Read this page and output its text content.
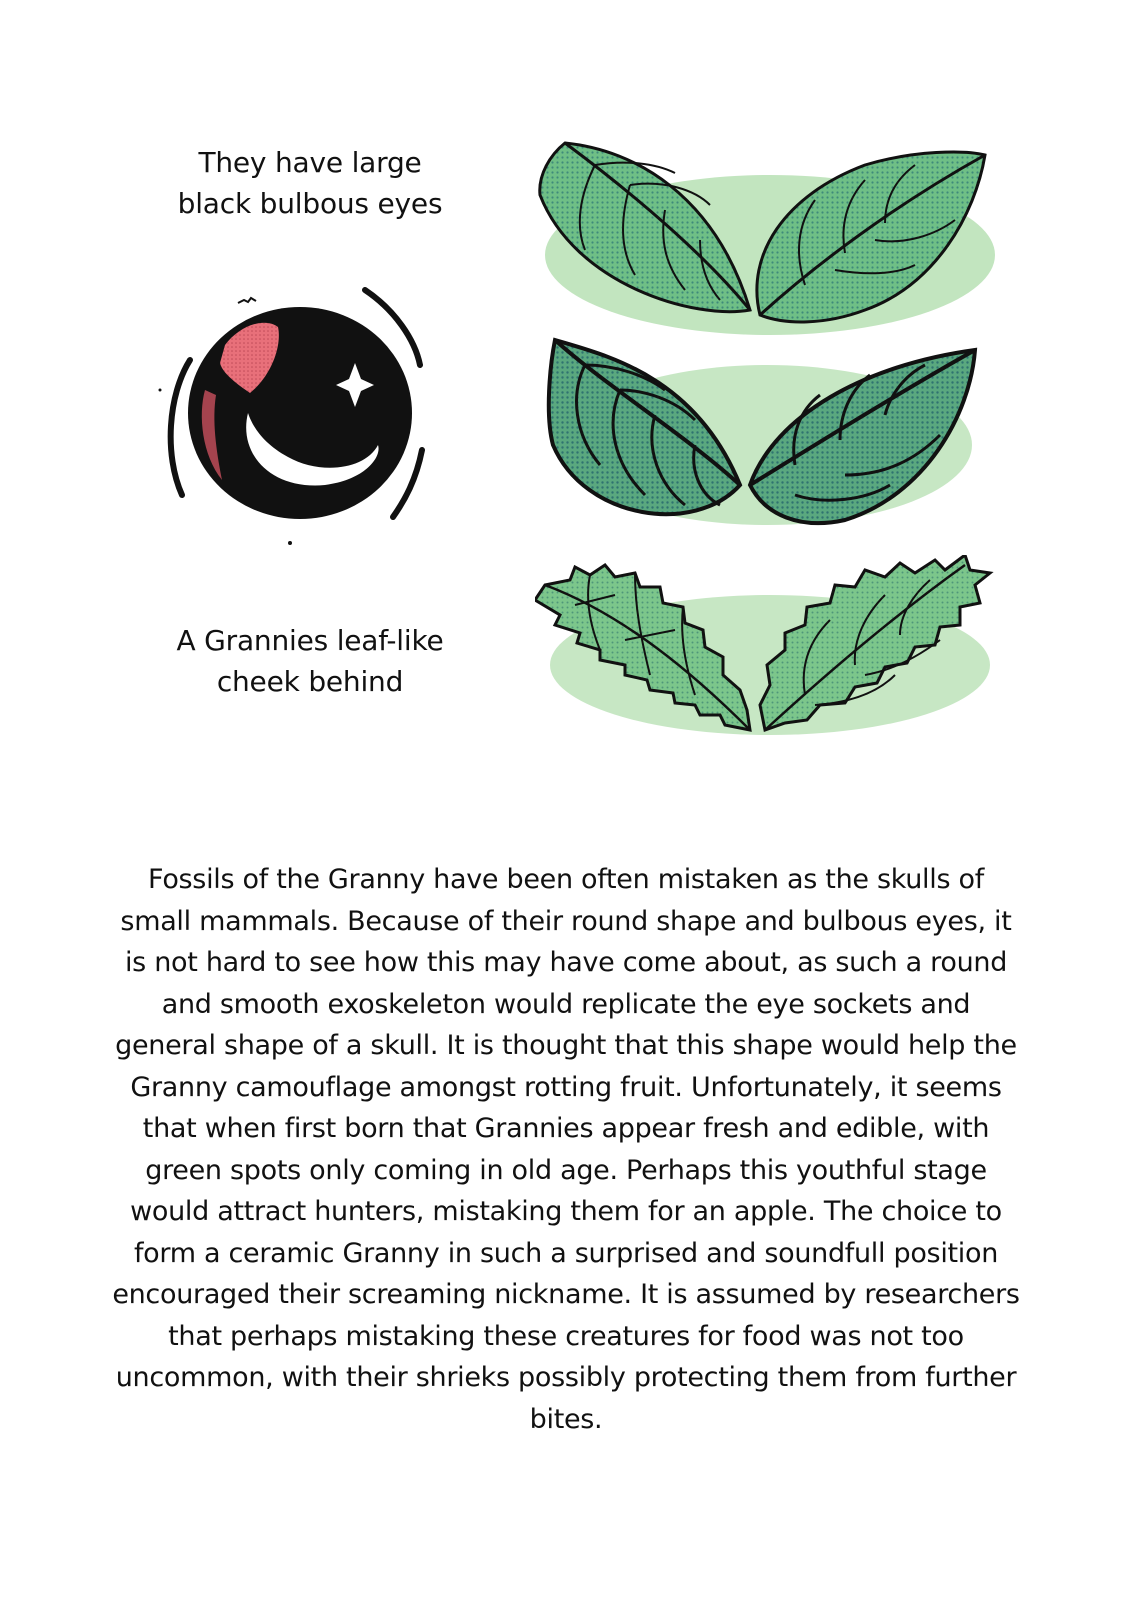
They have large
black bulbous eyes
A Grannies leaf-like
cheek behind

Fossils of the Granny have been often mistaken as the skulls of small mammals. Because of their round shape and bulbous eyes, it is not hard to see how this may have come about, as such a round and smooth exoskeleton would replicate the eye sockets and general shape of a skull. It is thought that this shape would help the Granny camouflage amongst rotting fruit. Unfortunately, it seems that when first born that Grannies appear fresh and edible, with green spots only coming in old age. Perhaps this youthful stage would attract hunters, mistaking them for an apple. The choice to form a ceramic Granny in such a surprised and soundfull position encouraged their screaming nickname. It is assumed by researchers that perhaps mistaking these creatures for food was not too uncommon, with their shrieks possibly protecting them from further bites.
